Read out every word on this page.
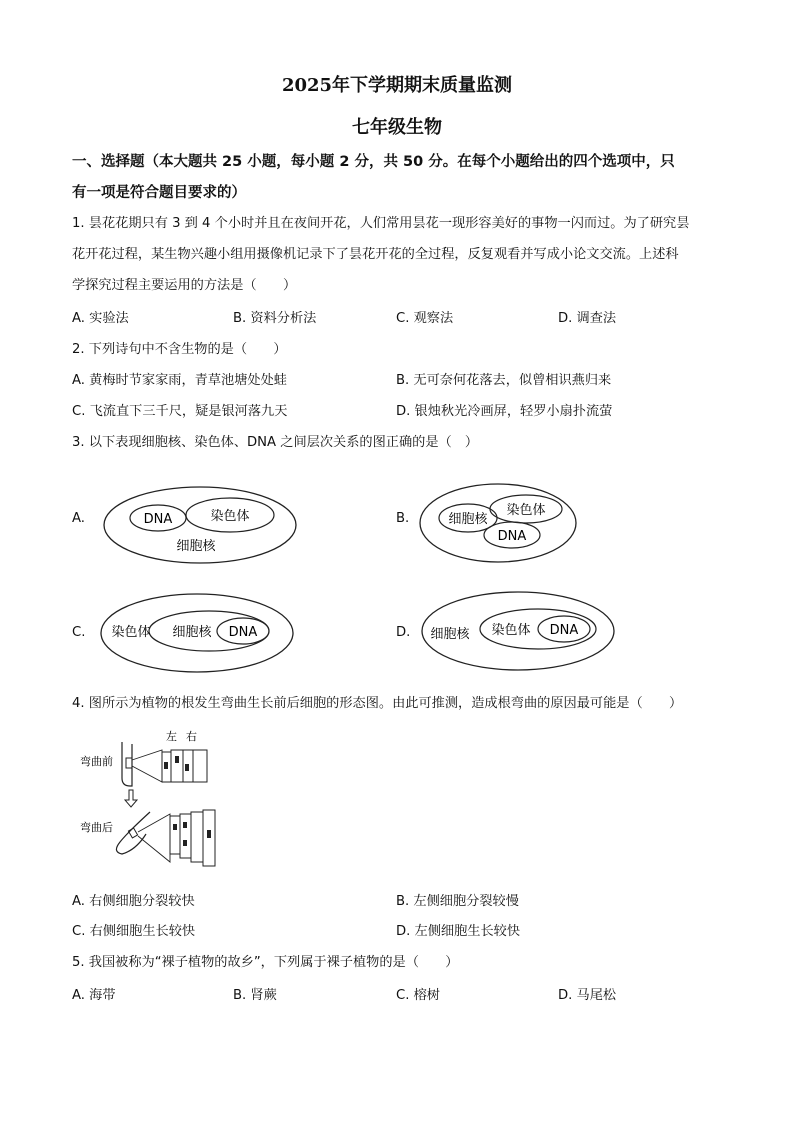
2025年下学期期末质量监测
七年级生物
一、选择题（本大题共 25 小题，每小题 2 分，共 50 分。在每个小题给出的四个选项中，只
有一项是符合题目要求的）
1. 昙花花期只有 3 到 4 个小时并且在夜间开花，人们常用昙花一现形容美好的事物一闪而过。为了研究昙
花开花过程，某生物兴趣小组用摄像机记录下了昙花开花的全过程，反复观看并写成小论文交流。上述科
学探究过程主要运用的方法是（　　）
A. 实验法	B. 资料分析法	C. 观察法	D. 调查法
2. 下列诗句中不含生物的是（　　）
A. 黄梅时节家家雨，青草池塘处处蛙	B. 无可奈何花落去，似曾相识燕归来
C. 飞流直下三千尺，疑是银河落九天	D. 银烛秋光冷画屏，轻罗小扇扑流萤
3. 以下表现细胞核、染色体、DNA 之间层次关系的图正确的是（　）
A.	DNA	染色体
细胞核
B.	细胞核
染色体
DNA
C. 染色体 细胞核 DNA	D. 细胞核 染色体 DNA
4. 图所示为植物的根发生弯曲生长前后细胞的形态图。由此可推测，造成根弯曲的原因最可能是（　　）
左 右
弯曲前
弯曲后
A. 右侧细胞分裂较快	B. 左侧细胞分裂较慢
C. 右侧细胞生长较快	D. 左侧细胞生长较快
5. 我国被称为“裸子植物的故乡”，下列属于裸子植物的是（　　）
A. 海带	B. 肾蕨	C. 榕树	D. 马尾松
